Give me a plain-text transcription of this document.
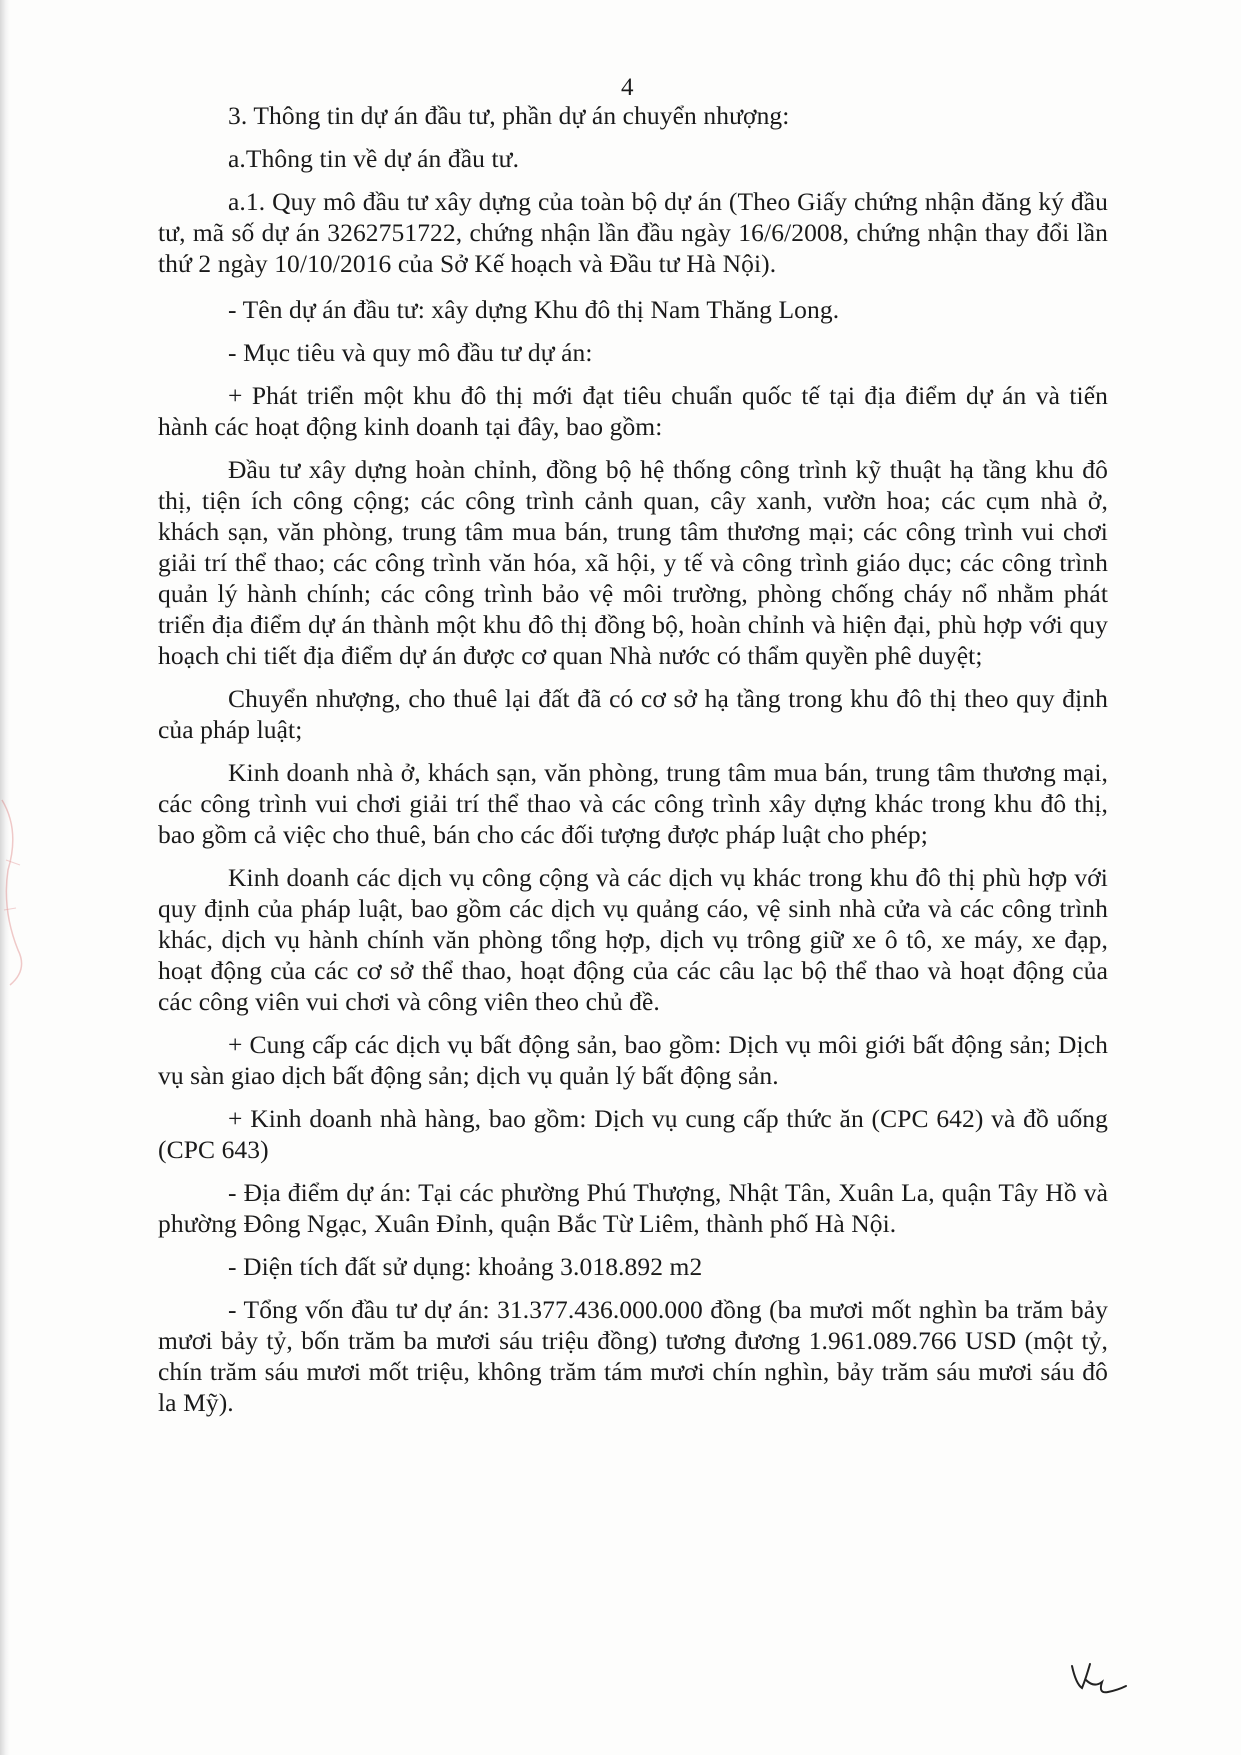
4

3. Thông tin dự án đầu tư, phần dự án chuyển nhượng:

a.Thông tin về dự án đầu tư.

a.1. Quy mô đầu tư xây dựng của toàn bộ dự án (Theo Giấy chứng nhận đăng ký đầu tư, mã số dự án 3262751722, chứng nhận lần đầu ngày 16/6/2008, chứng nhận thay đổi lần thứ 2 ngày 10/10/2016 của Sở Kế hoạch và Đầu tư Hà Nội).

- Tên dự án đầu tư: xây dựng Khu đô thị Nam Thăng Long.

- Mục tiêu và quy mô đầu tư dự án:

+ Phát triển một khu đô thị mới đạt tiêu chuẩn quốc tế tại địa điểm dự án và tiến hành các hoạt động kinh doanh tại đây, bao gồm:

Đầu tư xây dựng hoàn chỉnh, đồng bộ hệ thống công trình kỹ thuật hạ tầng khu đô thị, tiện ích công cộng; các công trình cảnh quan, cây xanh, vườn hoa; các cụm nhà ở, khách sạn, văn phòng, trung tâm mua bán, trung tâm thương mại; các công trình vui chơi giải trí thể thao; các công trình văn hóa, xã hội, y tế và công trình giáo dục; các công trình quản lý hành chính; các công trình bảo vệ môi trường, phòng chống cháy nổ nhằm phát triển địa điểm dự án thành một khu đô thị đồng bộ, hoàn chỉnh và hiện đại, phù hợp với quy hoạch chi tiết địa điểm dự án được cơ quan Nhà nước có thẩm quyền phê duyệt;

Chuyển nhượng, cho thuê lại đất đã có cơ sở hạ tầng trong khu đô thị theo quy định của pháp luật;

Kinh doanh nhà ở, khách sạn, văn phòng, trung tâm mua bán, trung tâm thương mại, các công trình vui chơi giải trí thể thao và các công trình xây dựng khác trong khu đô thị, bao gồm cả việc cho thuê, bán cho các đối tượng được pháp luật cho phép;

Kinh doanh các dịch vụ công cộng và các dịch vụ khác trong khu đô thị phù hợp với quy định của pháp luật, bao gồm các dịch vụ quảng cáo, vệ sinh nhà cửa và các công trình khác, dịch vụ hành chính văn phòng tổng hợp, dịch vụ trông giữ xe ô tô, xe máy, xe đạp, hoạt động của các cơ sở thể thao, hoạt động của các câu lạc bộ thể thao và hoạt động của các công viên vui chơi và công viên theo chủ đề.

+ Cung cấp các dịch vụ bất động sản, bao gồm: Dịch vụ môi giới bất động sản; Dịch vụ sàn giao dịch bất động sản; dịch vụ quản lý bất động sản.

+ Kinh doanh nhà hàng, bao gồm: Dịch vụ cung cấp thức ăn (CPC 642) và đồ uống (CPC 643)

- Địa điểm dự án: Tại các phường Phú Thượng, Nhật Tân, Xuân La, quận Tây Hồ và phường Đông Ngạc, Xuân Đỉnh, quận Bắc Từ Liêm, thành phố Hà Nội.

- Diện tích đất sử dụng: khoảng 3.018.892 m2

- Tổng vốn đầu tư dự án: 31.377.436.000.000 đồng (ba mươi mốt nghìn ba trăm bảy mươi bảy tỷ, bốn trăm ba mươi sáu triệu đồng) tương đương 1.961.089.766 USD (một tỷ, chín trăm sáu mươi mốt triệu, không trăm tám mươi chín nghìn, bảy trăm sáu mươi sáu đô la Mỹ).
